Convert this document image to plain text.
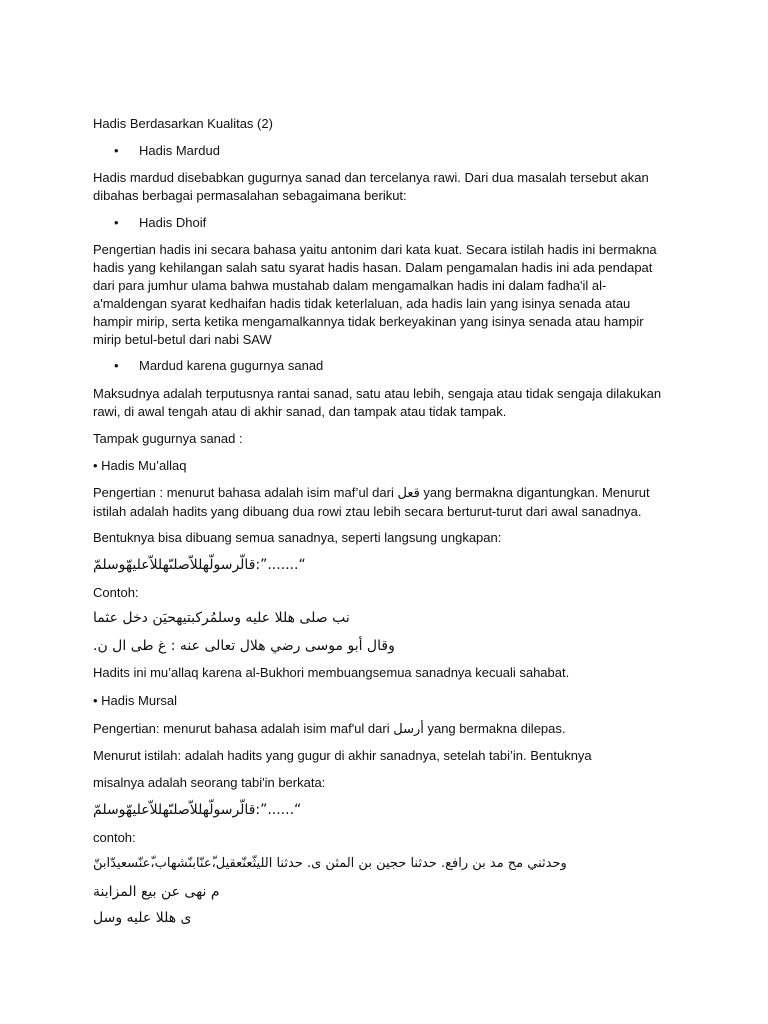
Hadis Berdasarkan Kualitas (2)
• Hadis Mardud

Hadis mardud disebabkan gugurnya sanad dan tercelanya rawi. Dari dua masalah tersebut akan dibahas berbagai permasalahan sebagaimana berikut:

• Hadis Dhoif

Pengertian hadis ini secara bahasa yaitu antonim dari kata kuat. Secara istilah hadis ini bermakna hadis yang kehilangan salah satu syarat hadis hasan. Dalam pengamalan hadis ini ada pendapat dari para jumhur ulama bahwa mustahab dalam mengamalkan hadis ini dalam fadha'il al-a'maldengan syarat kedhaifan hadis tidak keterlaluan, ada hadis lain yang isinya senada atau hampir mirip, serta ketika mengamalkannya tidak berkeyakinan yang isinya senada atau hampir mirip betul-betul dari nabi SAW

• Mardud karena gugurnya sanad

Maksudnya adalah terputusnya rantai sanad, satu atau lebih, sengaja atau tidak sengaja dilakukan rawi, di awal tengah atau di akhir sanad, dan tampak atau tidak tampak.

Tampak gugurnya sanad :
• Hadis Mu’allaq

Pengertian : menurut bahasa adalah isim maf’ul dari قعل yang bermakna digantungkan. Menurut istilah adalah hadits yang dibuang dua rowi ztau lebih secara berturut-turut dari awal sanadnya.

Bentuknya bisa dibuang semua sanadnya, seperti langsung ungkapan:
قالّرسولّهللاّصلىّهللاّعليهّوسلمّ:”.......“
Contoh:
نب صلى هللا عليه وسلمُركبتيهحيَن دخل عثما
وقال أبو موسى رضي هلال تعالى عنه : غ طى ال ن.
Hadits ini mu’allaq karena al-Bukhori membuangsemua sanadnya kecuali sahabat.
• Hadis Mursal
Pengertian: menurut bahasa adalah isim maf'ul dari أرسل yang bermakna dilepas.
Menurut istilah: adalah hadits yang gugur di akhir sanadnya, setelah tabi’in. Bentuknya
misalnya adalah seorang tabi'in berkata:
قالّرسولّهللاّصلىّهللاّعليهّوسلمّ:”......“
contoh:
وحدثني مح مد بن رافع. حدثنا حجين بن المثن ى. حدثنا الليثّعنّعقيل،ّعنّابنّشهاب،ّعنّسعيدّابنّ
م نهى عن بيع المزابنة
ى هللا عليه وسل
